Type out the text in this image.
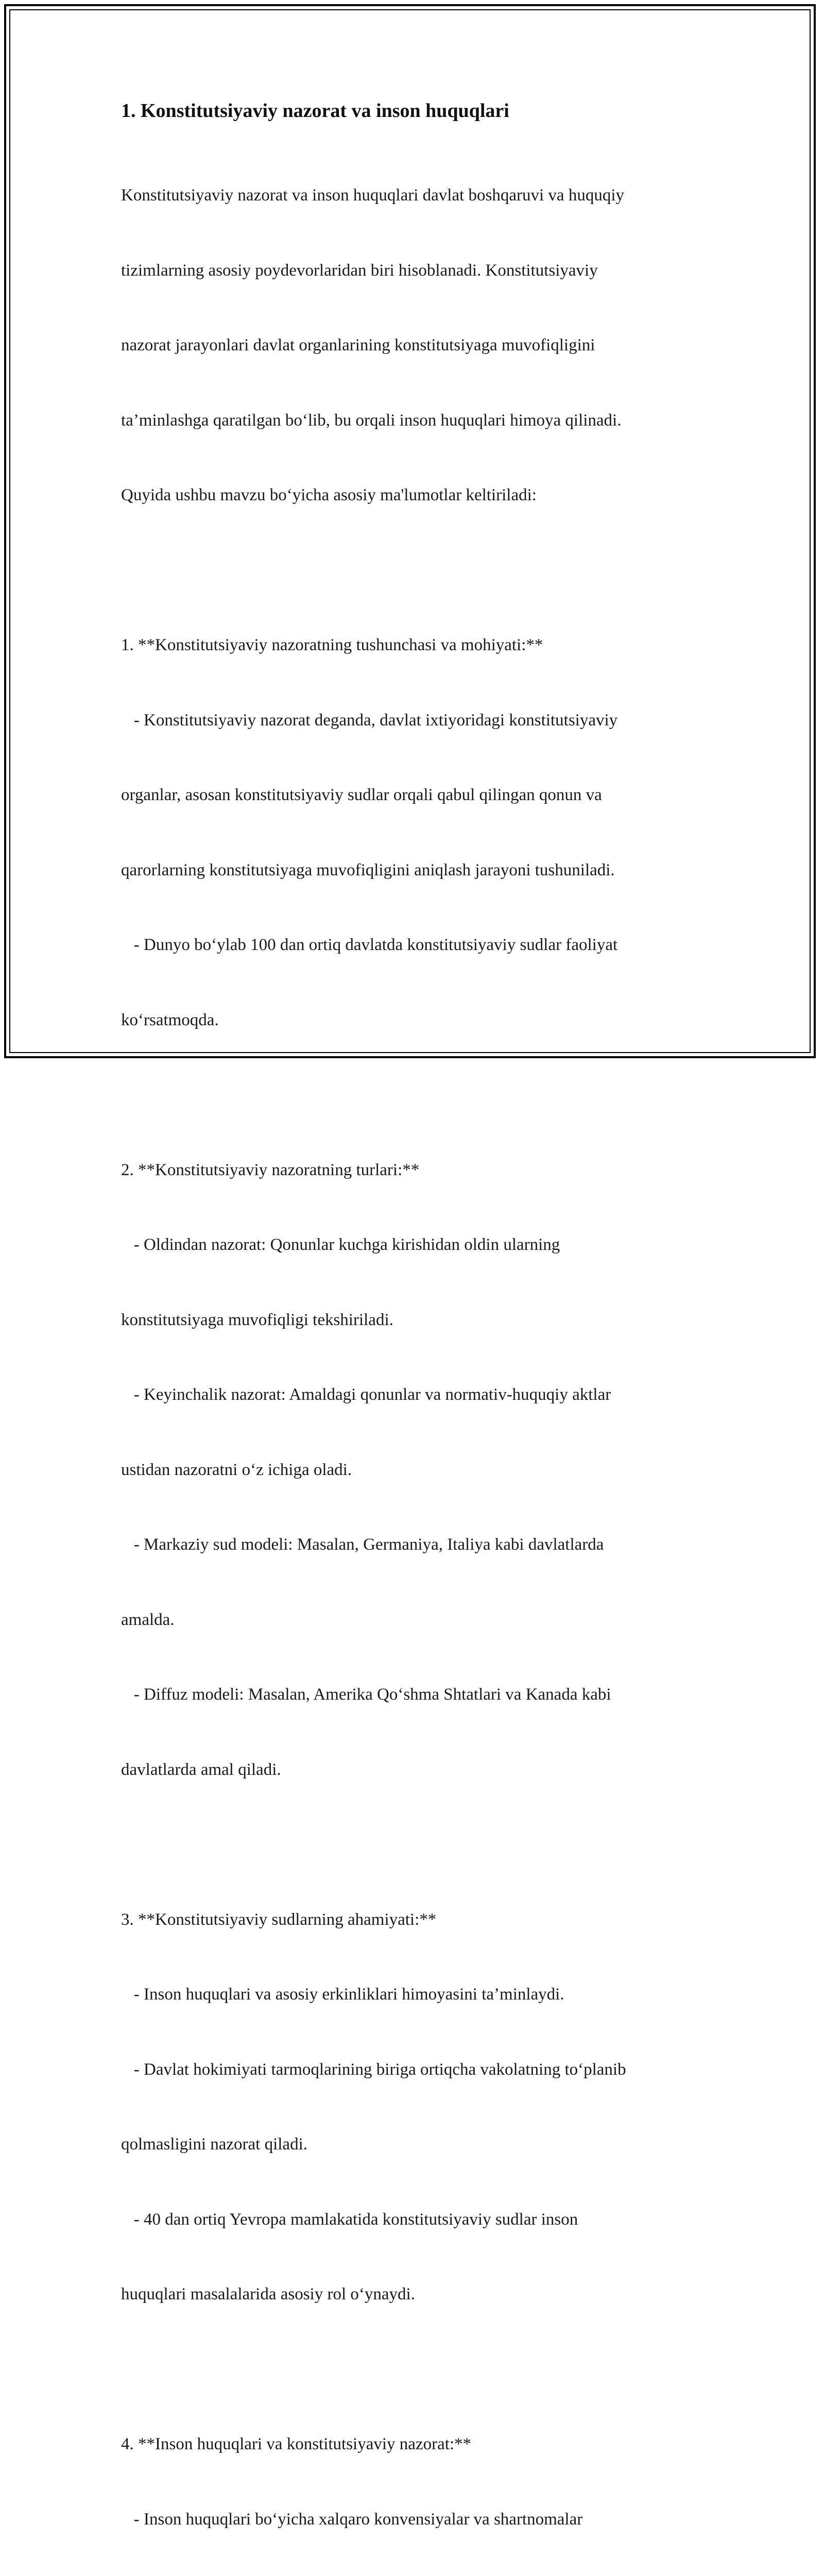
1. Konstitutsiyaviy nazorat va inson huquqlari

Konstitutsiyaviy nazorat va inson huquqlari davlat boshqaruvi va huquqiy

tizimlarning asosiy poydevorlaridan biri hisoblanadi. Konstitutsiyaviy

nazorat jarayonlari davlat organlarining konstitutsiyaga muvofiqligini

ta’minlashga qaratilgan bo‘lib, bu orqali inson huquqlari himoya qilinadi.

Quyida ushbu mavzu bo‘yicha asosiy ma'lumotlar keltiriladi:

1. **Konstitutsiyaviy nazoratning tushunchasi va mohiyati:**

- Konstitutsiyaviy nazorat deganda, davlat ixtiyoridagi konstitutsiyaviy

organlar, asosan konstitutsiyaviy sudlar orqali qabul qilingan qonun va

qarorlarning konstitutsiyaga muvofiqligini aniqlash jarayoni tushuniladi.

- Dunyo bo‘ylab 100 dan ortiq davlatda konstitutsiyaviy sudlar faoliyat

ko‘rsatmoqda.

2. **Konstitutsiyaviy nazoratning turlari:**

- Oldindan nazorat: Qonunlar kuchga kirishidan oldin ularning

konstitutsiyaga muvofiqligi tekshiriladi.

- Keyinchalik nazorat: Amaldagi qonunlar va normativ-huquqiy aktlar

ustidan nazoratni o‘z ichiga oladi.

- Markaziy sud modeli: Masalan, Germaniya, Italiya kabi davlatlarda

amalda.

- Diffuz modeli: Masalan, Amerika Qo‘shma Shtatlari va Kanada kabi

davlatlarda amal qiladi.

3. **Konstitutsiyaviy sudlarning ahamiyati:**

- Inson huquqlari va asosiy erkinliklari himoyasini ta’minlaydi.

- Davlat hokimiyati tarmoqlarining biriga ortiqcha vakolatning to‘planib

qolmasligini nazorat qiladi.

- 40 dan ortiq Yevropa mamlakatida konstitutsiyaviy sudlar inson

huquqlari masalalarida asosiy rol o‘ynaydi.

4. **Inson huquqlari va konstitutsiyaviy nazorat:**

- Inson huquqlari bo‘yicha xalqaro konvensiyalar va shartnomalar
